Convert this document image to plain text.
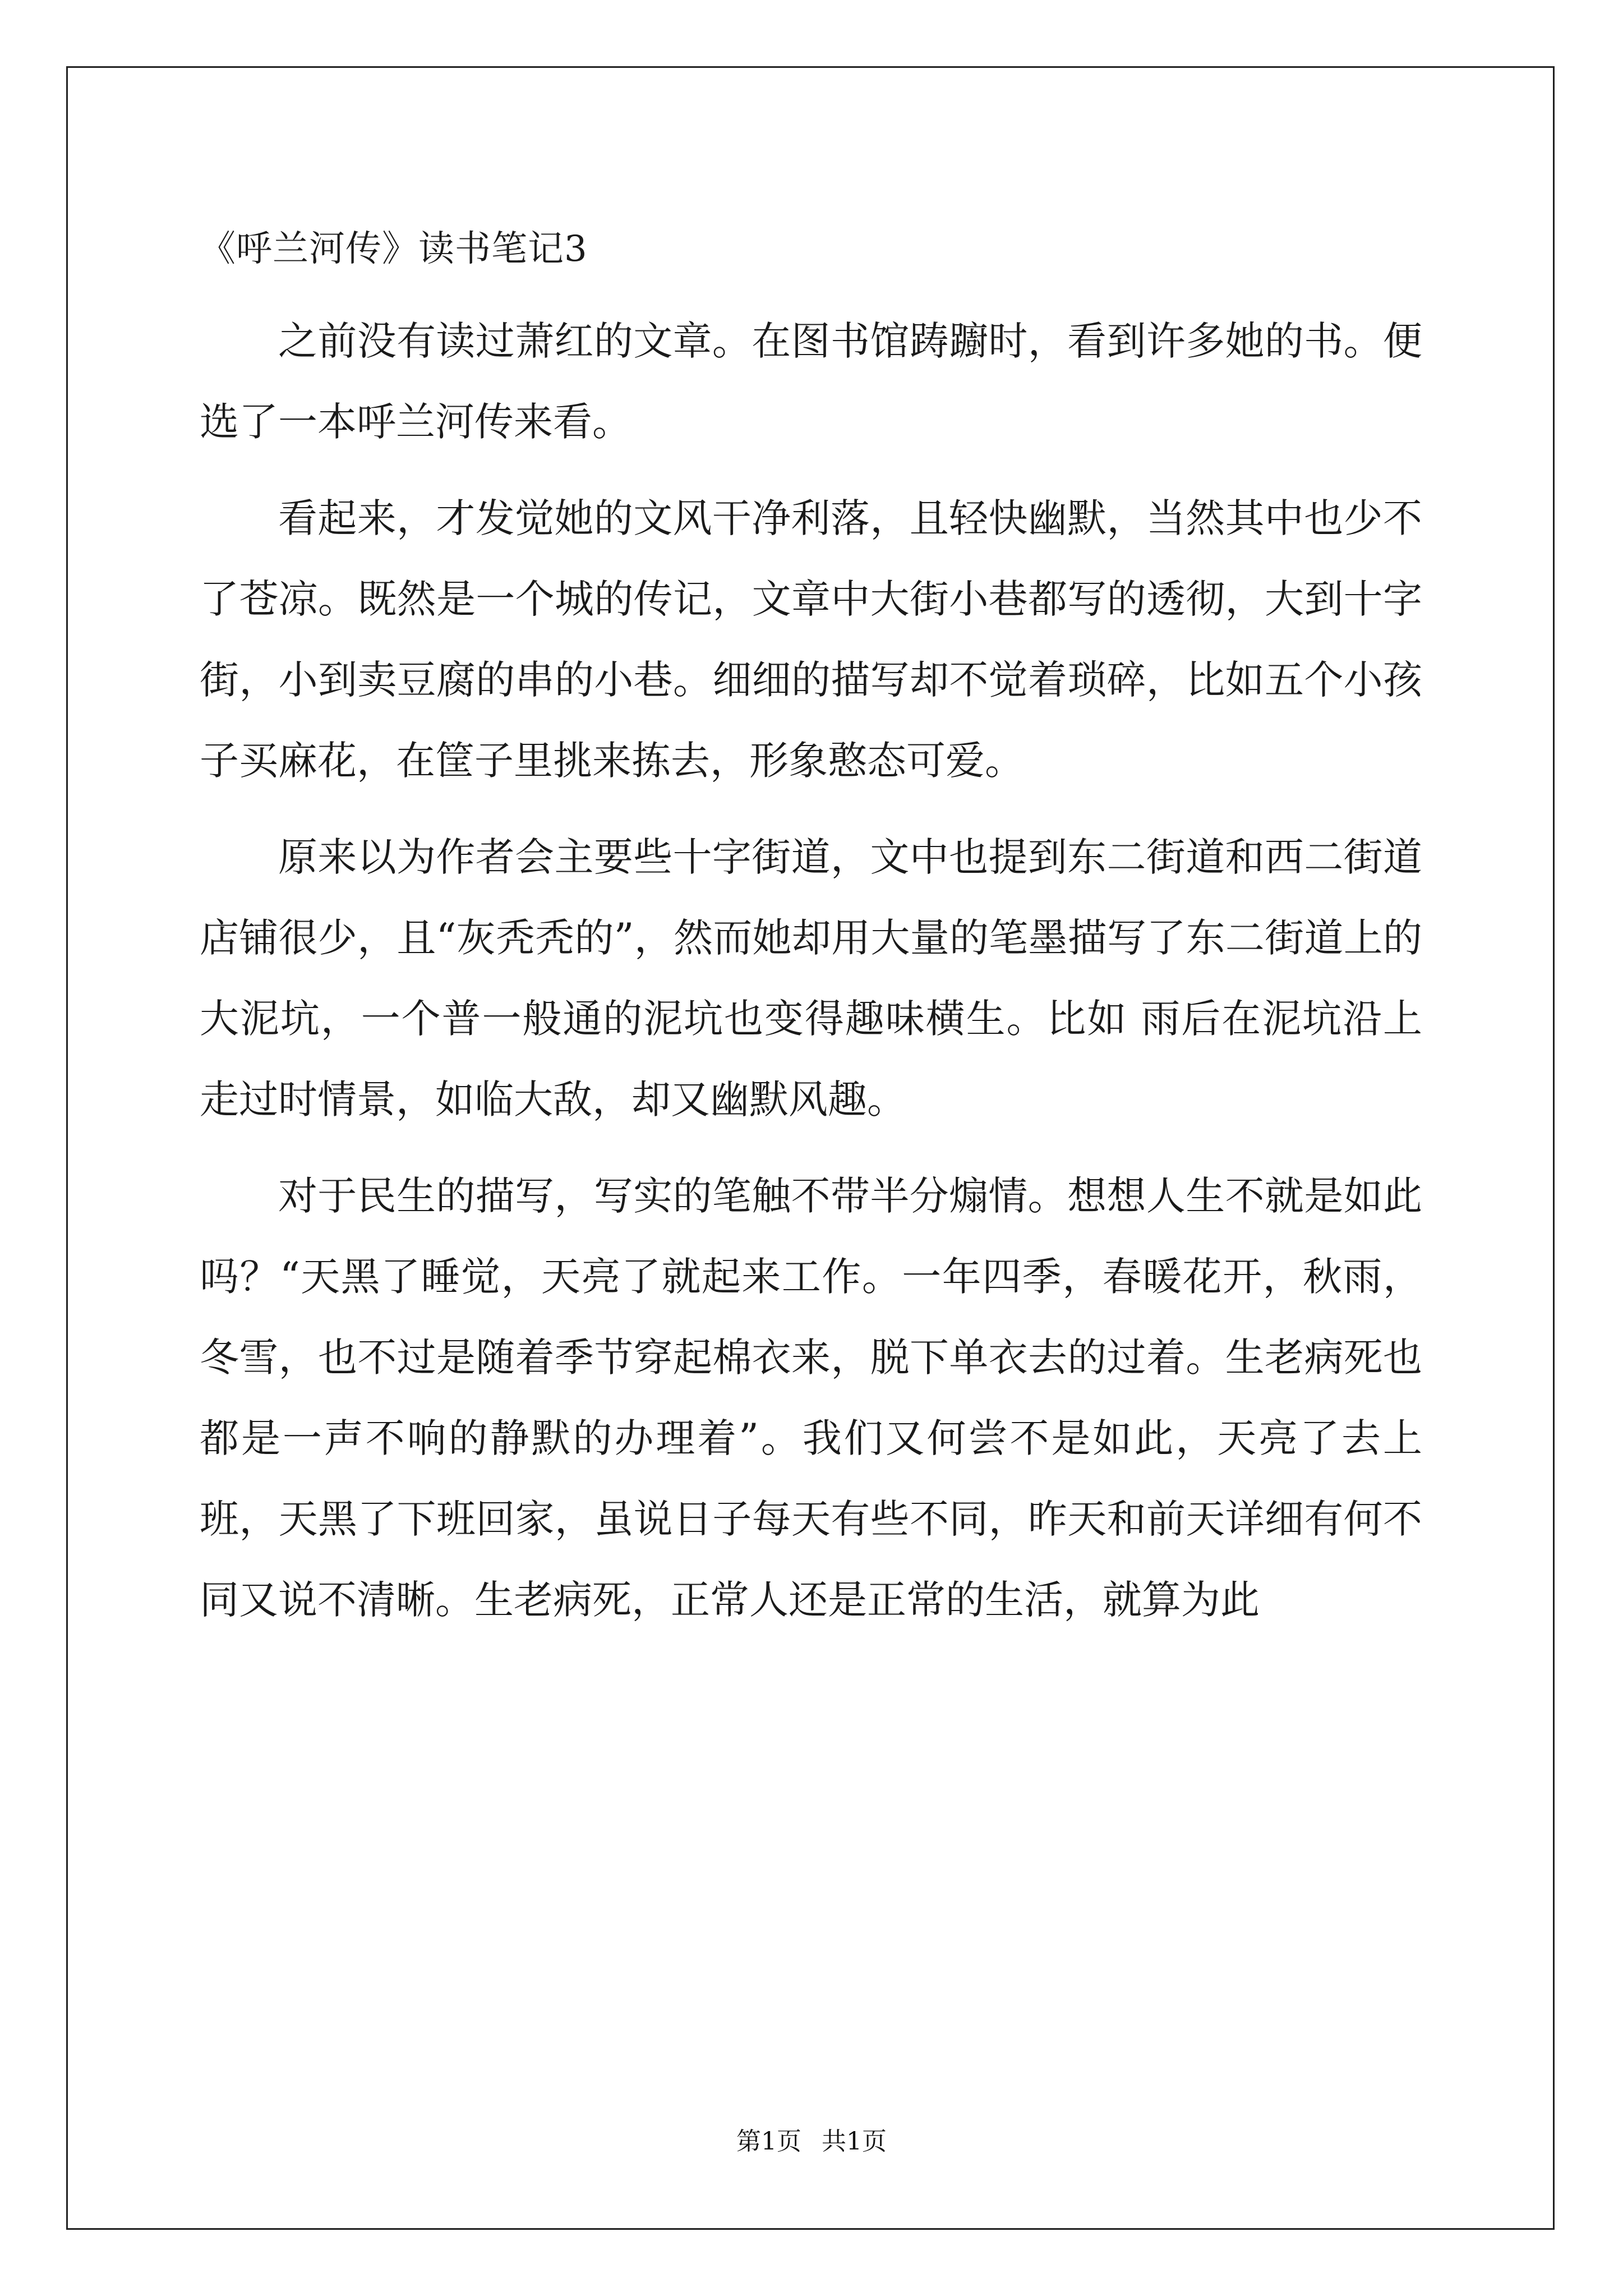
《呼兰河传》读书笔记3

之前没有读过萧红的文章。在图书馆踌躕时，看到许多她的书。便选了一本呼兰河传来看。

看起来，才发觉她的文风干净利落，且轻快幽默，当然其中也少不了苍凉。既然是一个城的传记，文章中大街小巷都写的透彻，大到十字街，小到卖豆腐的串的小巷。细细的描写却不觉着琐碎，比如五个小孩子买麻花，在筐子里挑来拣去，形象憨态可爱。

原来以为作者会主要些十字街道，文中也提到东二街道和西二街道店铺很少，且“灰秃秃的”，然而她却用大量的笔墨描写了东二街道上的大泥坑，一个普一般通的泥坑也变得趣味横生。比如 雨后在泥坑沿上走过时情景，如临大敌，却又幽默风趣。

对于民生的描写，写实的笔触不带半分煽情。想想人生不就是如此吗？“天黑了睡觉，天亮了就起来工作。一年四季，春暖花开，秋雨，冬雪，也不过是随着季节穿起棉衣来，脱下单衣去的过着。生老病死也都是一声不响的静默的办理着”。我们又何尝不是如此，天亮了去上班，天黑了下班回家，虽说日子每天有些不同，昨天和前天详细有何不同又说不清晰。生老病死，正常人还是正常的生活，就算为此

第1页 共1页
